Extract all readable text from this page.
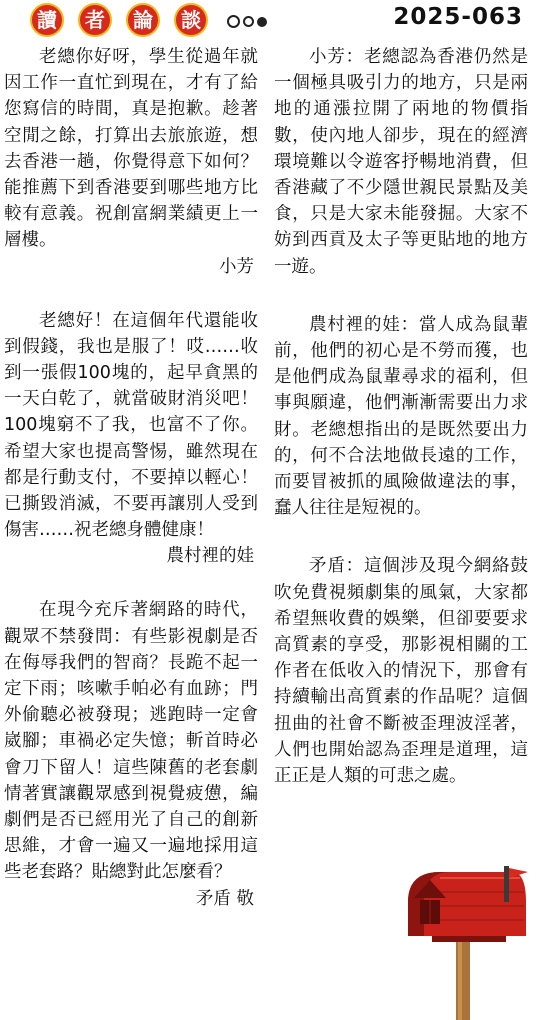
讀	者	論	談	2025-063

老總你好呀，學生從過年就因工作一直忙到現在，才有了給您寫信的時間，真是抱歉。趁著空閒之餘，打算出去旅旅遊，想去香港一趟，你覺得意下如何？能推薦下到香港要到哪些地方比較有意義。祝創富網業績更上一層樓。

小芳

老總好！在這個年代還能收到假錢，我也是服了！哎……收到一張假100塊的，起早貪黑的一天白乾了，就當破財消災吧！ 100塊窮不了我，也富不了你。希望大家也提高警惕，雖然現在都是行動支付，不要掉以輕心！已撕毀消滅，不要再讓別人受到傷害……祝老總身體健康！

農村裡的娃

在現今充斥著網路的時代，觀眾不禁發問：有些影視劇是否在侮辱我們的智商？長跪不起一定下雨；咳嗽手帕必有血跡；門外偷聽必被發現；逃跑時一定會崴腳；車禍必定失憶；斬首時必會刀下留人！這些陳舊的老套劇情著實讓觀眾感到視覺疲憊，編劇們是否已經用光了自己的創新思維，才會一遍又一遍地採用這些老套路？貼總對此怎麼看？

矛盾 敬

小芳：老總認為香港仍然是一個極具吸引力的地方，只是兩地的通漲拉開了兩地的物價指數，使內地人卻步，現在的經濟環境難以令遊客抒暢地消費，但香港藏了不少隱世親民景點及美食，只是大家未能發掘。大家不妨到西貢及太子等更貼地的地方一遊。

農村裡的娃：當人成為鼠輩前，他們的初心是不勞而獲，也是他們成為鼠輩尋求的福利，但事與願違，他們漸漸需要出力求財。老總想指出的是既然要出力的，何不合法地做長遠的工作，而要冒被抓的風險做違法的事，蠢人往往是短視的。

矛盾：這個涉及現今網絡鼓吹免費視頻劇集的風氣，大家都希望無收費的娛樂，但卻要要求高質素的享受，那影視相關的工作者在低收入的情況下，那會有持續輸出高質素的作品呢？這個扭曲的社會不斷被歪理波淫著，人們也開始認為歪理是道理，這正正是人類的可悲之處。
